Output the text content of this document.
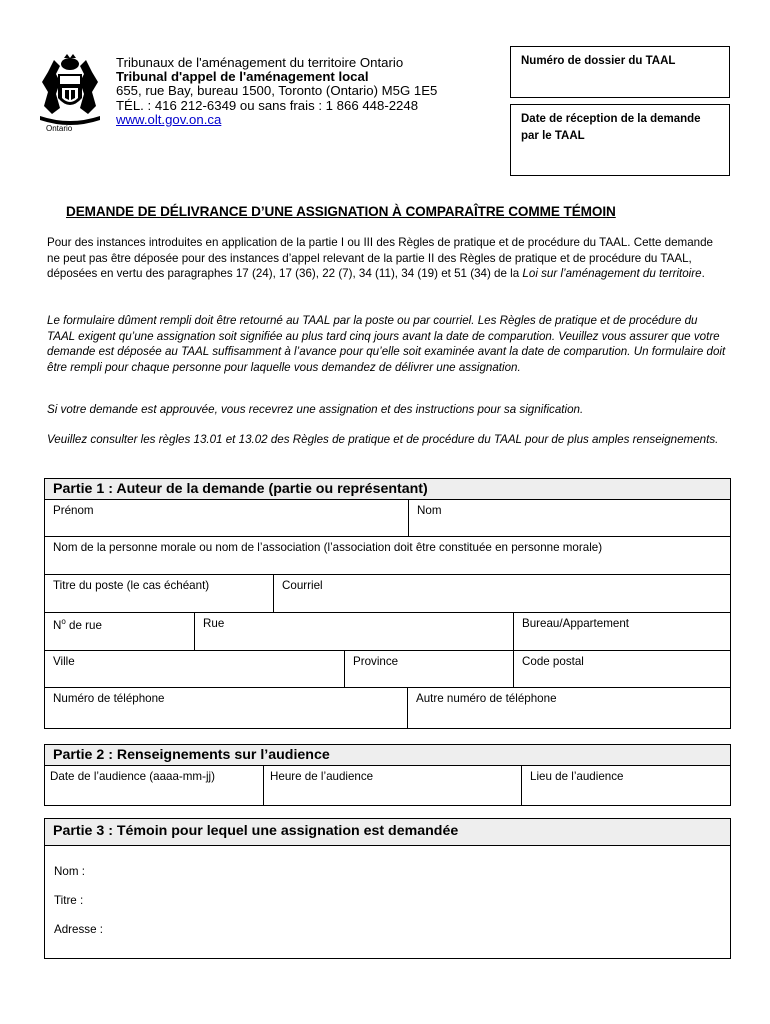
Ontario
Tribunaux de l'aménagement du territoire Ontario
Tribunal d'appel de l'aménagement local
655, rue Bay, bureau 1500, Toronto (Ontario) M5G 1E5
TÉL. : 416 212-6349 ou sans frais : 1 866 448-2248
www.olt.gov.on.ca
Numéro de dossier du TAAL
Date de réception de la demande
par le TAAL
DEMANDE DE DÉLIVRANCE D’UNE ASSIGNATION À COMPARAÎTRE COMME TÉMOIN
Pour des instances introduites en application de la partie I ou III des Règles de pratique et de procédure du TAAL. Cette demande ne peut pas être déposée pour des instances d’appel relevant de la partie II des Règles de pratique et de procédure du TAAL, déposées en vertu des paragraphes 17 (24), 17 (36), 22 (7), 34 (11), 34 (19) et 51 (34) de la Loi sur l’aménagement du territoire.
Le formulaire dûment rempli doit être retourné au TAAL par la poste ou par courriel. Les Règles de pratique et de procédure du TAAL exigent qu’une assignation soit signifiée au plus tard cinq jours avant la date de comparution. Veuillez vous assurer que votre demande est déposée au TAAL suffisamment à l’avance pour qu’elle soit examinée avant la date de comparution. Un formulaire doit être rempli pour chaque personne pour laquelle vous demandez de délivrer une assignation.
Si votre demande est approuvée, vous recevrez une assignation et des instructions pour sa signification.
Veuillez consulter les règles 13.01 et 13.02 des Règles de pratique et de procédure du TAAL pour de plus amples renseignements.
Partie 1 : Auteur de la demande (partie ou représentant)
Prénom	Nom
Nom de la personne morale ou nom de l’association (l’association doit être constituée en personne morale)
Titre du poste (le cas échéant)	Courriel
$N^o$ de rue	Rue	Bureau/Appartement
Ville	Province	Code postal
Numéro de téléphone	Autre numéro de téléphone
Partie 2 : Renseignements sur l’audience
Date de l’audience (aaaa-mm-jj)	Heure de l’audience	Lieu de l’audience
Partie 3 : Témoin pour lequel une assignation est demandée
Nom :
Titre :
Adresse :
